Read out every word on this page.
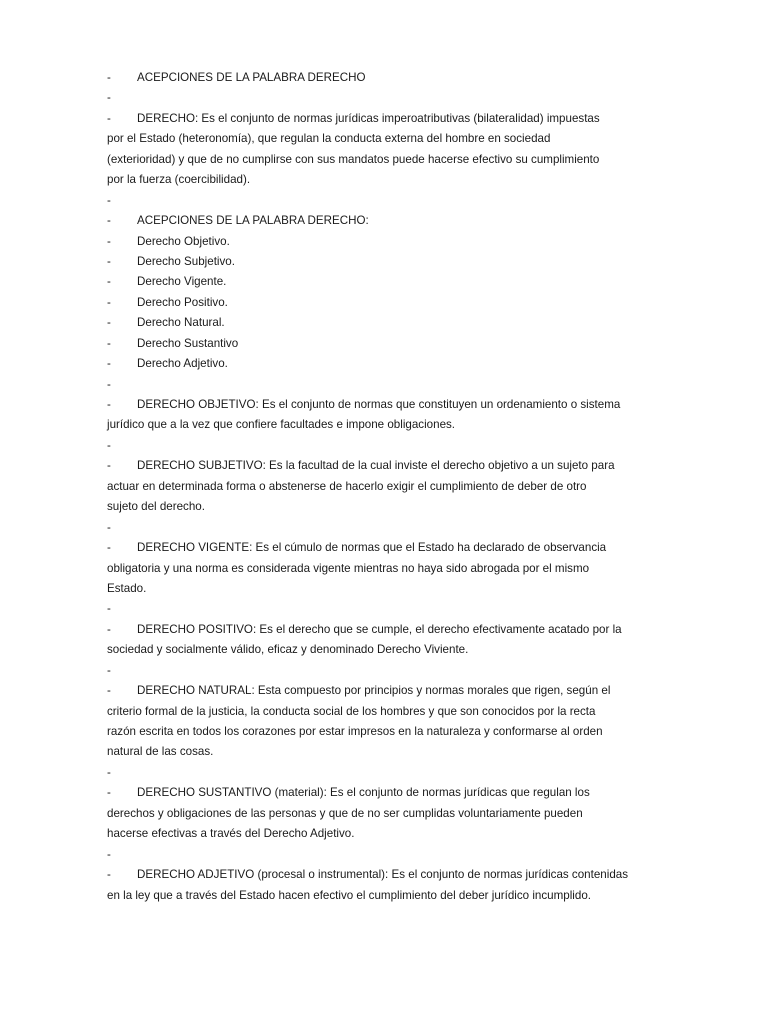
- ACEPCIONES DE LA PALABRA DERECHO
-
- DERECHO: Es el conjunto de normas jurídicas imperoatributivas (bilateralidad) impuestas
por el Estado (heteronomía), que regulan la conducta externa del hombre en sociedad
(exterioridad) y que de no cumplirse con sus mandatos puede hacerse efectivo su cumplimiento
por la fuerza (coercibilidad).
-
- ACEPCIONES DE LA PALABRA DERECHO:
- Derecho Objetivo.
- Derecho Subjetivo.
- Derecho Vigente.
- Derecho Positivo.
- Derecho Natural.
- Derecho Sustantivo
- Derecho Adjetivo.
-
- DERECHO OBJETIVO: Es el conjunto de normas que constituyen un ordenamiento o sistema
jurídico que a la vez que confiere facultades e impone obligaciones.
-
- DERECHO SUBJETIVO: Es la facultad de la cual inviste el derecho objetivo a un sujeto para
actuar en determinada forma o abstenerse de hacerlo exigir el cumplimiento de deber de otro
sujeto del derecho.
-
- DERECHO VIGENTE: Es el cúmulo de normas que el Estado ha declarado de observancia
obligatoria y una norma es considerada vigente mientras no haya sido abrogada por el mismo
Estado.
-
- DERECHO POSITIVO: Es el derecho que se cumple, el derecho efectivamente acatado por la
sociedad y socialmente válido, eficaz y denominado Derecho Viviente.
-
- DERECHO NATURAL: Esta compuesto por principios y normas morales que rigen, según el
criterio formal de la justicia, la conducta social de los hombres y que son conocidos por la recta
razón escrita en todos los corazones por estar impresos en la naturaleza y conformarse al orden
natural de las cosas.
-
- DERECHO SUSTANTIVO (material): Es el conjunto de normas jurídicas que regulan los
derechos y obligaciones de las personas y que de no ser cumplidas voluntariamente pueden
hacerse efectivas a través del Derecho Adjetivo.
-
- DERECHO ADJETIVO (procesal o instrumental): Es el conjunto de normas jurídicas contenidas
en la ley que a través del Estado hacen efectivo el cumplimiento del deber jurídico incumplido.
